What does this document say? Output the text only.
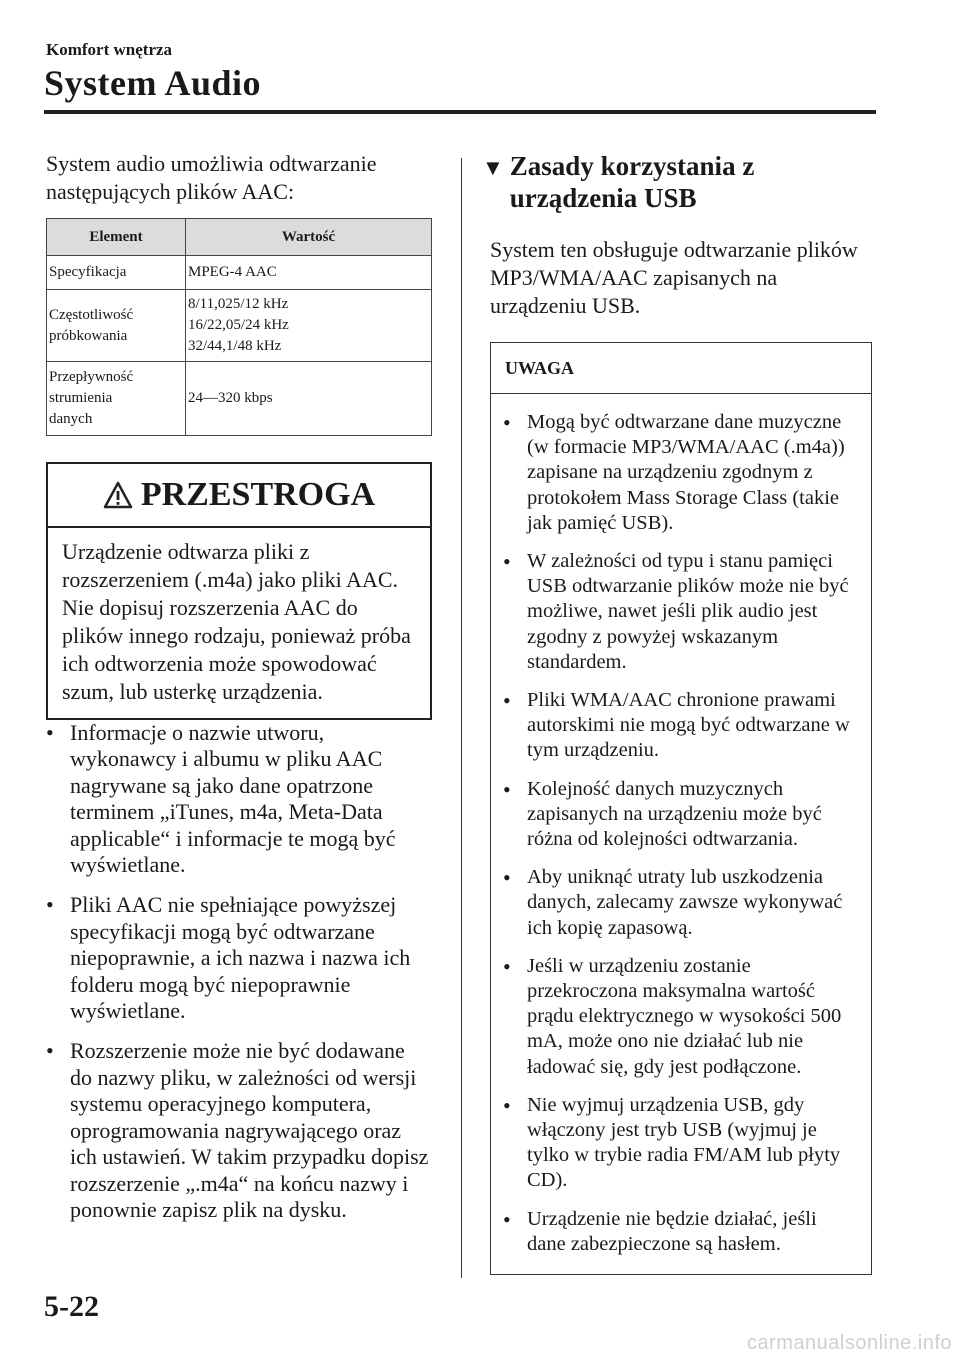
Komfort wnętrza
System Audio

System audio umożliwia odtwarzanie następujących plików AAC:

Element	Wartość
Specyfikacja	MPEG-4 AAC
Częstotliwość
próbkowania	8/11,025/12 kHz
16/22,05/24 kHz
32/44,1/48 kHz
Przepływność
strumienia
danych	24—320 kbps
PRZESTROGA
Urządzenie odtwarza pliki z rozszerzeniem (.m4a) jako pliki AAC. Nie dopisuj rozszerzenia AAC do plików innego rodzaju, ponieważ próba ich odtworzenia może spowodować szum, lub usterkę urządzenia.
• Informacje o nazwie utworu, wykonawcy i albumu w pliku AAC nagrywane są jako dane opatrzone terminem „iTunes, m4a, Meta-Data applicable“ i informacje te mogą być wyświetlane.
• Pliki AAC nie spełniające powyższej specyfikacji mogą być odtwarzane niepoprawnie, a ich nazwa i nazwa ich folderu mogą być niepoprawnie wyświetlane.
• Rozszerzenie może nie być dodawane do nazwy pliku, w zależności od wersji systemu operacyjnego komputera, oprogramowania nagrywającego oraz ich ustawień. W takim przypadku dopisz rozszerzenie „.m4a“ na końcu nazwy i ponownie zapisz plik na dysku.
▼ Zasady korzystania z urządzenia USB

System ten obsługuje odtwarzanie plików MP3/WMA/AAC zapisanych na urządzeniu USB.

UWAGA
• Mogą być odtwarzane dane muzyczne (w formacie MP3/WMA/AAC (.m4a)) zapisane na urządzeniu zgodnym z protokołem Mass Storage Class (takie jak pamięć USB).
• W zależności od typu i stanu pamięci USB odtwarzanie plików może nie być możliwe, nawet jeśli plik audio jest zgodny z powyżej wskazanym standardem.
• Pliki WMA/AAC chronione prawami autorskimi nie mogą być odtwarzane w tym urządzeniu.
• Kolejność danych muzycznych zapisanych na urządzeniu może być różna od kolejności odtwarzania.
• Aby uniknąć utraty lub uszkodzenia danych, zalecamy zawsze wykonywać ich kopię zapasową.
• Jeśli w urządzeniu zostanie przekroczona maksymalna wartość prądu elektrycznego w wysokości 500 mA, może ono nie działać lub nie ładować się, gdy jest podłączone.
• Nie wyjmuj urządzenia USB, gdy włączony jest tryb USB (wyjmuj je tylko w trybie radia FM/AM lub płyty CD).
• Urządzenie nie będzie działać, jeśli dane zabezpieczone są hasłem.
5-22
carmanualsonline.info
